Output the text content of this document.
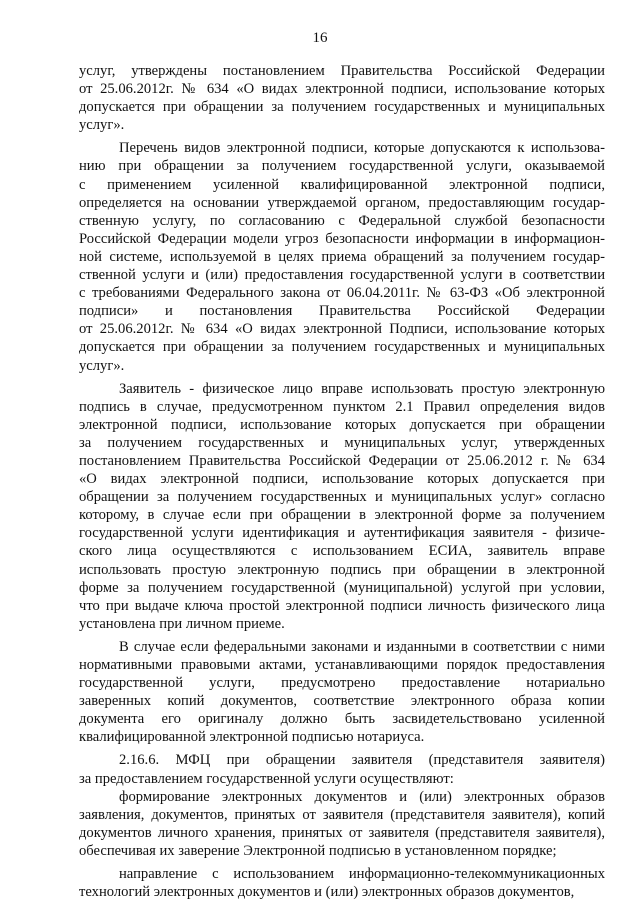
16
услуг, утверждены постановлением Правительства Российской Федерации
от 25.06.2012г. № 634 «О видах электронной подписи, использование которых
допускается при обращении за получением государственных и муниципальных
услуг».
Перечень видов электронной подписи, которые допускаются к использова-
нию при обращении за получением государственной услуги, оказываемой
с применением усиленной квалифицированной электронной подписи,
определяется на основании утверждаемой органом, предоставляющим государ-
ственную услугу, по согласованию с Федеральной службой безопасности
Российской Федерации модели угроз безопасности информации в информацион-
ной системе, используемой в целях приема обращений за получением государ-
ственной услуги и (или) предоставления государственной услуги в соответствии
с требованиями Федерального закона от 06.04.2011г. № 63-ФЗ «Об электронной
подписи» и постановления Правительства Российской Федерации
от 25.06.2012г. № 634 «О видах электронной Подписи, использование которых
допускается при обращении за получением государственных и муниципальных
услуг».
Заявитель - физическое лицо вправе использовать простую электронную
подпись в случае, предусмотренном пунктом 2.1 Правил определения видов
электронной подписи, использование которых допускается при обращении
за получением государственных и муниципальных услуг, утвержденных
постановлением Правительства Российской Федерации от 25.06.2012 г. № 634
«О видах электронной подписи, использование которых допускается при
обращении за получением государственных и муниципальных услуг» согласно
которому, в случае если при обращении в электронной форме за получением
государственной услуги идентификация и аутентификация заявителя - физиче-
ского лица осуществляются с использованием ЕСИА, заявитель вправе
использовать простую электронную подпись при обращении в электронной
форме за получением государственной (муниципальной) услугой при условии,
что при выдаче ключа простой электронной подписи личность физического лица
установлена при личном приеме.
В случае если федеральными законами и изданными в соответствии с ними
нормативными правовыми актами, устанавливающими порядок предоставления
государственной услуги, предусмотрено предоставление нотариально
заверенных копий документов, соответствие электронного образа копии
документа его оригиналу должно быть засвидетельствовано усиленной
квалифицированной электронной подписью нотариуса.
2.16.6. МФЦ при обращении заявителя (представителя заявителя)
за предоставлением государственной услуги осуществляют:
формирование электронных документов и (или) электронных образов
заявления, документов, принятых от заявителя (представителя заявителя), копий
документов личного хранения, принятых от заявителя (представителя заявителя),
обеспечивая их заверение Электронной подписью в установленном порядке;
направление с использованием информационно-телекоммуникационных
технологий электронных документов и (или) электронных образов документов,
